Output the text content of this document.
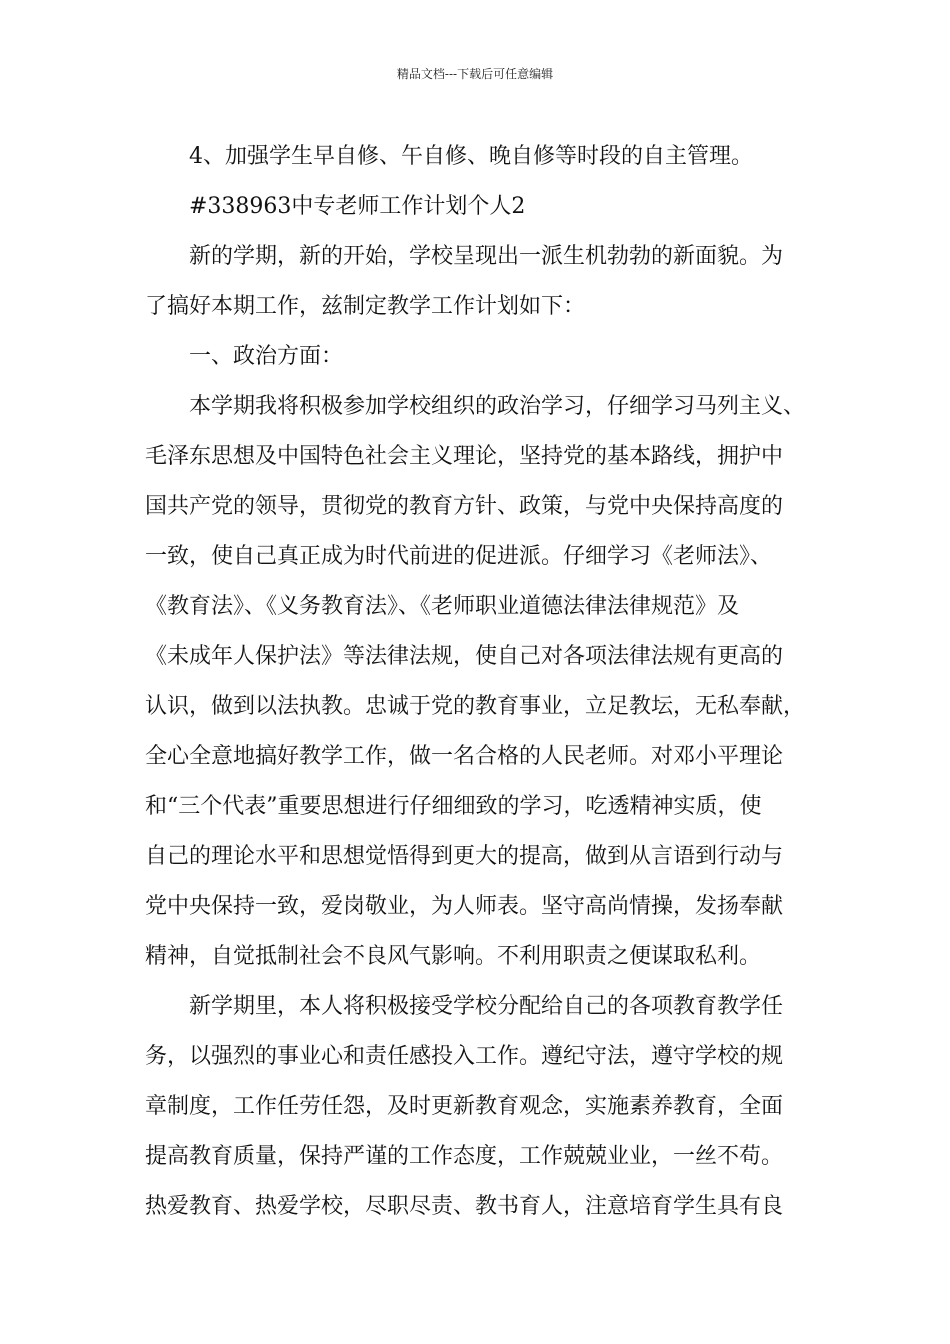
精品文档---下载后可任意编辑

4、加强学生早自修、午自修、晚自修等时段的自主管理。

#338963中专老师工作计划个人2

新的学期，新的开始，学校呈现出一派生机勃勃的新面貌。为
了搞好本期工作，兹制定教学工作计划如下：

一、政治方面：

本学期我将积极参加学校组织的政治学习，仔细学习马列主义、
毛泽东思想及中国特色社会主义理论，坚持党的基本路线，拥护中
国共产党的领导，贯彻党的教育方针、政策，与党中央保持高度的
一致，使自己真正成为时代前进的促进派。仔细学习《老师法》、
《教育法》、《义务教育法》、《老师职业道德法律法律规范》及
《未成年人保护法》等法律法规，使自己对各项法律法规有更高的
认识，做到以法执教。忠诚于党的教育事业，立足教坛，无私奉献，
全心全意地搞好教学工作，做一名合格的人民老师。对邓小平理论
和“三个代表”重要思想进行仔细细致的学习，吃透精神实质，使
自己的理论水平和思想觉悟得到更大的提高，做到从言语到行动与
党中央保持一致，爱岗敬业，为人师表。坚守高尚情操，发扬奉献
精神，自觉抵制社会不良风气影响。不利用职责之便谋取私利。

新学期里，本人将积极接受学校分配给自己的各项教育教学任
务，以强烈的事业心和责任感投入工作。遵纪守法，遵守学校的规
章制度，工作任劳任怨，及时更新教育观念，实施素养教育，全面
提高教育质量，保持严谨的工作态度，工作兢兢业业，一丝不苟。
热爱教育、热爱学校，尽职尽责、教书育人，注意培育学生具有良
